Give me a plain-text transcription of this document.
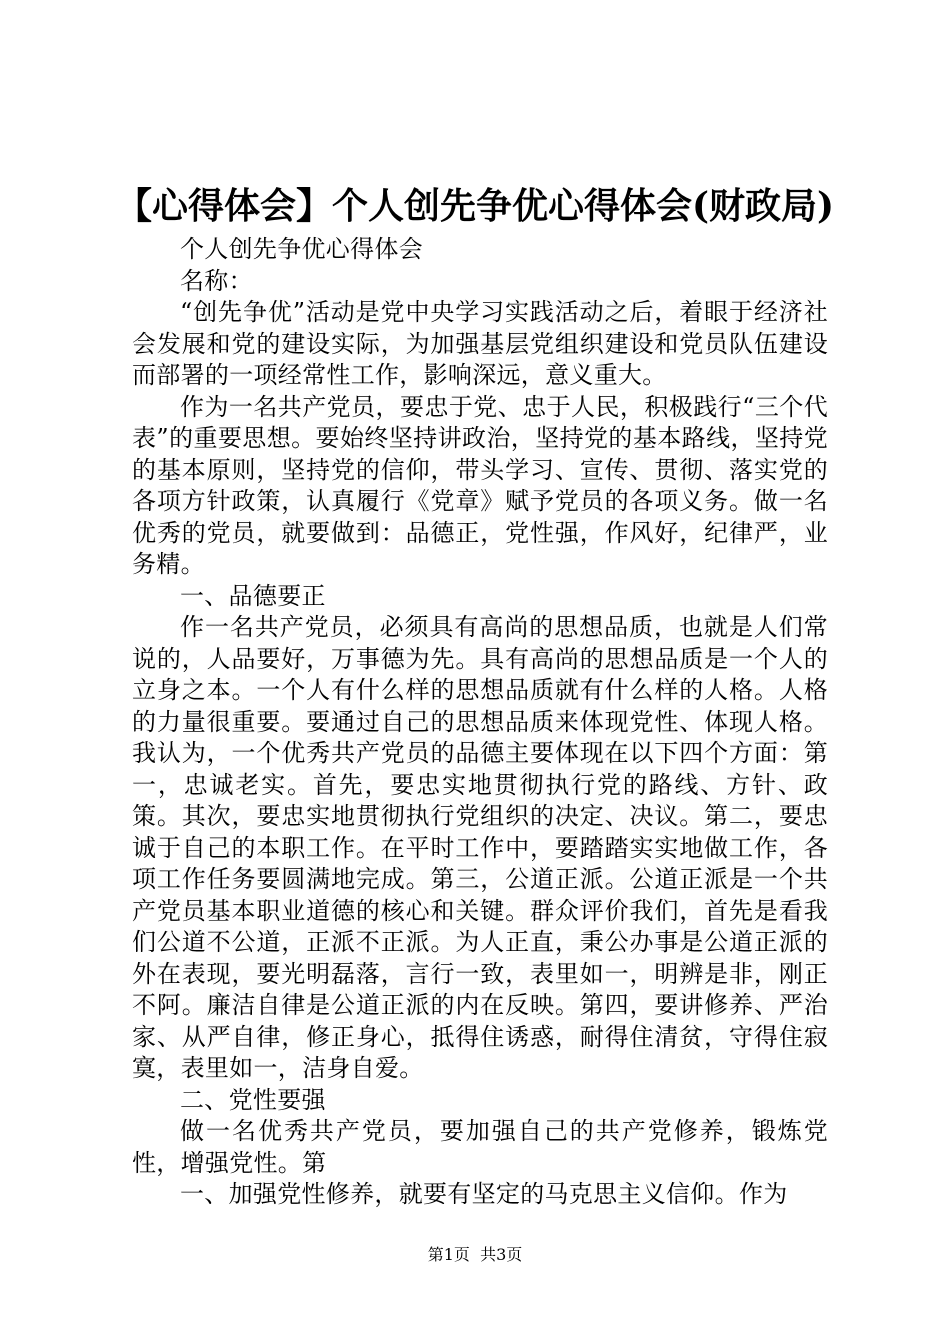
【心得体会】个人创先争优心得体会(财政局)

个人创先争优心得体会

名称：

“创先争优”活动是党中央学习实践活动之后，着眼于经济社会发展和党的建设实际，为加强基层党组织建设和党员队伍建设而部署的一项经常性工作，影响深远，意义重大。

作为一名共产党员，要忠于党、忠于人民，积极践行“三个代表”的重要思想。要始终坚持讲政治，坚持党的基本路线，坚持党的基本原则，坚持党的信仰，带头学习、宣传、贯彻、落实党的各项方针政策，认真履行《党章》赋予党员的各项义务。做一名优秀的党员，就要做到：品德正，党性强，作风好，纪律严，业务精。

一、品德要正

作一名共产党员，必须具有高尚的思想品质，也就是人们常说的，人品要好，万事德为先。具有高尚的思想品质是一个人的立身之本。一个人有什么样的思想品质就有什么样的人格。人格的力量很重要。要通过自己的思想品质来体现党性、体现人格。我认为，一个优秀共产党员的品德主要体现在以下四个方面：第一，忠诚老实。首先，要忠实地贯彻执行党的路线、方针、政策。其次，要忠实地贯彻执行党组织的决定、决议。第二，要忠诚于自己的本职工作。在平时工作中，要踏踏实实地做工作，各项工作任务要圆满地完成。第三，公道正派。公道正派是一个共产党员基本职业道德的核心和关键。群众评价我们，首先是看我们公道不公道，正派不正派。为人正直，秉公办事是公道正派的外在表现，要光明磊落，言行一致，表里如一，明辨是非，刚正不阿。廉洁自律是公道正派的内在反映。第四，要讲修养、严治家、从严自律，修正身心，抵得住诱惑，耐得住清贫，守得住寂寞，表里如一，洁身自爱。

二、党性要强

做一名优秀共产党员，要加强自己的共产党修养，锻炼党性，增强党性。第

一、加强党性修养，就要有坚定的马克思主义信仰。作为

第1页  共3页
